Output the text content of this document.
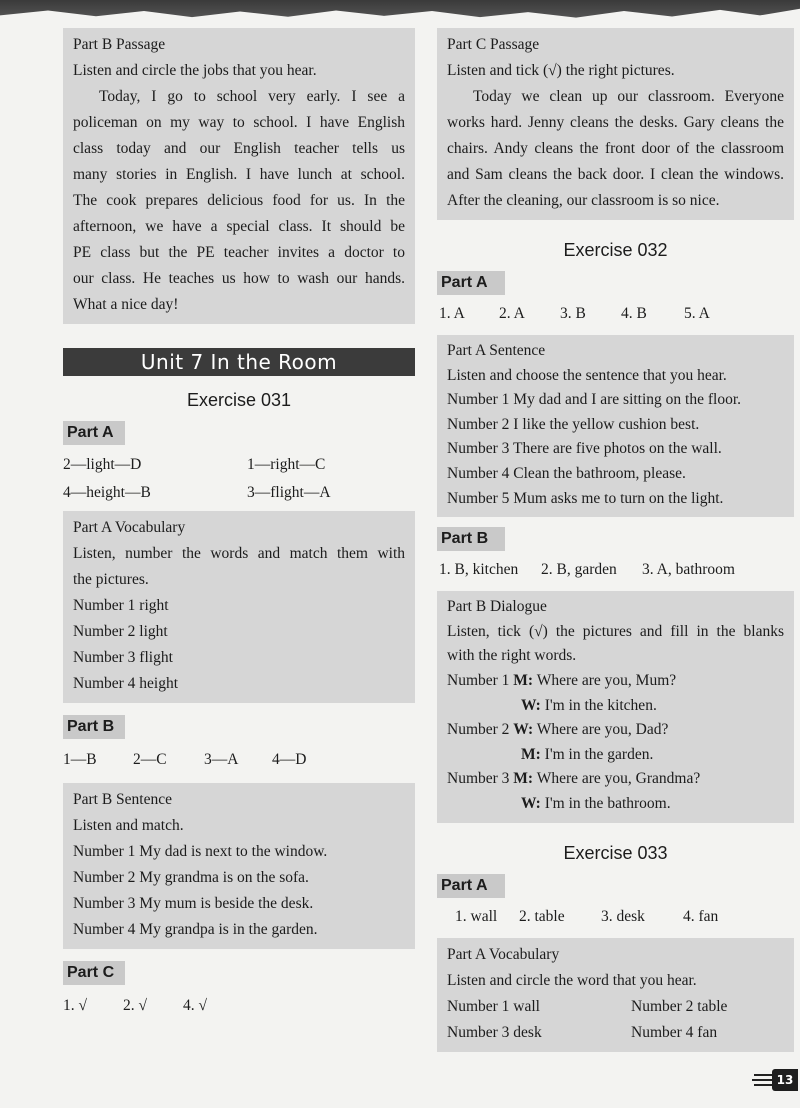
Part B Passage
Listen and circle the jobs that you hear.
Today, I go to school very early. I see a
policeman on my way to school. I have English
class today and our English teacher tells us
many stories in English. I have lunch at school.
The cook prepares delicious food for us. In the
afternoon, we have a special class. It should be
PE class but the PE teacher invites a doctor to
our class. He teaches us how to wash our hands.
What a nice day!
Unit 7 In the Room
Exercise 031
Part A
2—light—D	1—right—C
4—height—B	3—flight—A
Part A Vocabulary
Listen, number the words and match them with
the pictures.
Number 1 right
Number 2 light
Number 3 flight
Number 4 height
Part B
1—B	2—C	3—A	4—D
Part B Sentence
Listen and match.
Number 1 My dad is next to the window.
Number 2 My grandma is on the sofa.
Number 3 My mum is beside the desk.
Number 4 My grandpa is in the garden.
Part C
1. √	2. √	4. √
Part C Passage
Listen and tick (√) the right pictures.
Today we clean up our classroom. Everyone
works hard. Jenny cleans the desks. Gary cleans the
chairs. Andy cleans the front door of the classroom
and Sam cleans the back door. I clean the windows.
After the cleaning, our classroom is so nice.
Exercise 032
Part A
1. A	2. A	3. B	4. B	5. A
Part A Sentence
Listen and choose the sentence that you hear.
Number 1 My dad and I are sitting on the floor.
Number 2 I like the yellow cushion best.
Number 3 There are five photos on the wall.
Number 4 Clean the bathroom, please.
Number 5 Mum asks me to turn on the light.
Part B
1. B, kitchen	2. B, garden	3. A, bathroom
Part B Dialogue
Listen, tick (√) the pictures and fill in the blanks
with the right words.
Number 1 M: Where are you, Mum?
W: I'm in the kitchen.
Number 2 W: Where are you, Dad?
M: I'm in the garden.
Number 3 M: Where are you, Grandma?
W: I'm in the bathroom.
Exercise 033
Part A
1. wall	2. table	3. desk	4. fan
Part A Vocabulary
Listen and circle the word that you hear.
Number 1 wall	Number 2 table
Number 3 desk	Number 4 fan
13
